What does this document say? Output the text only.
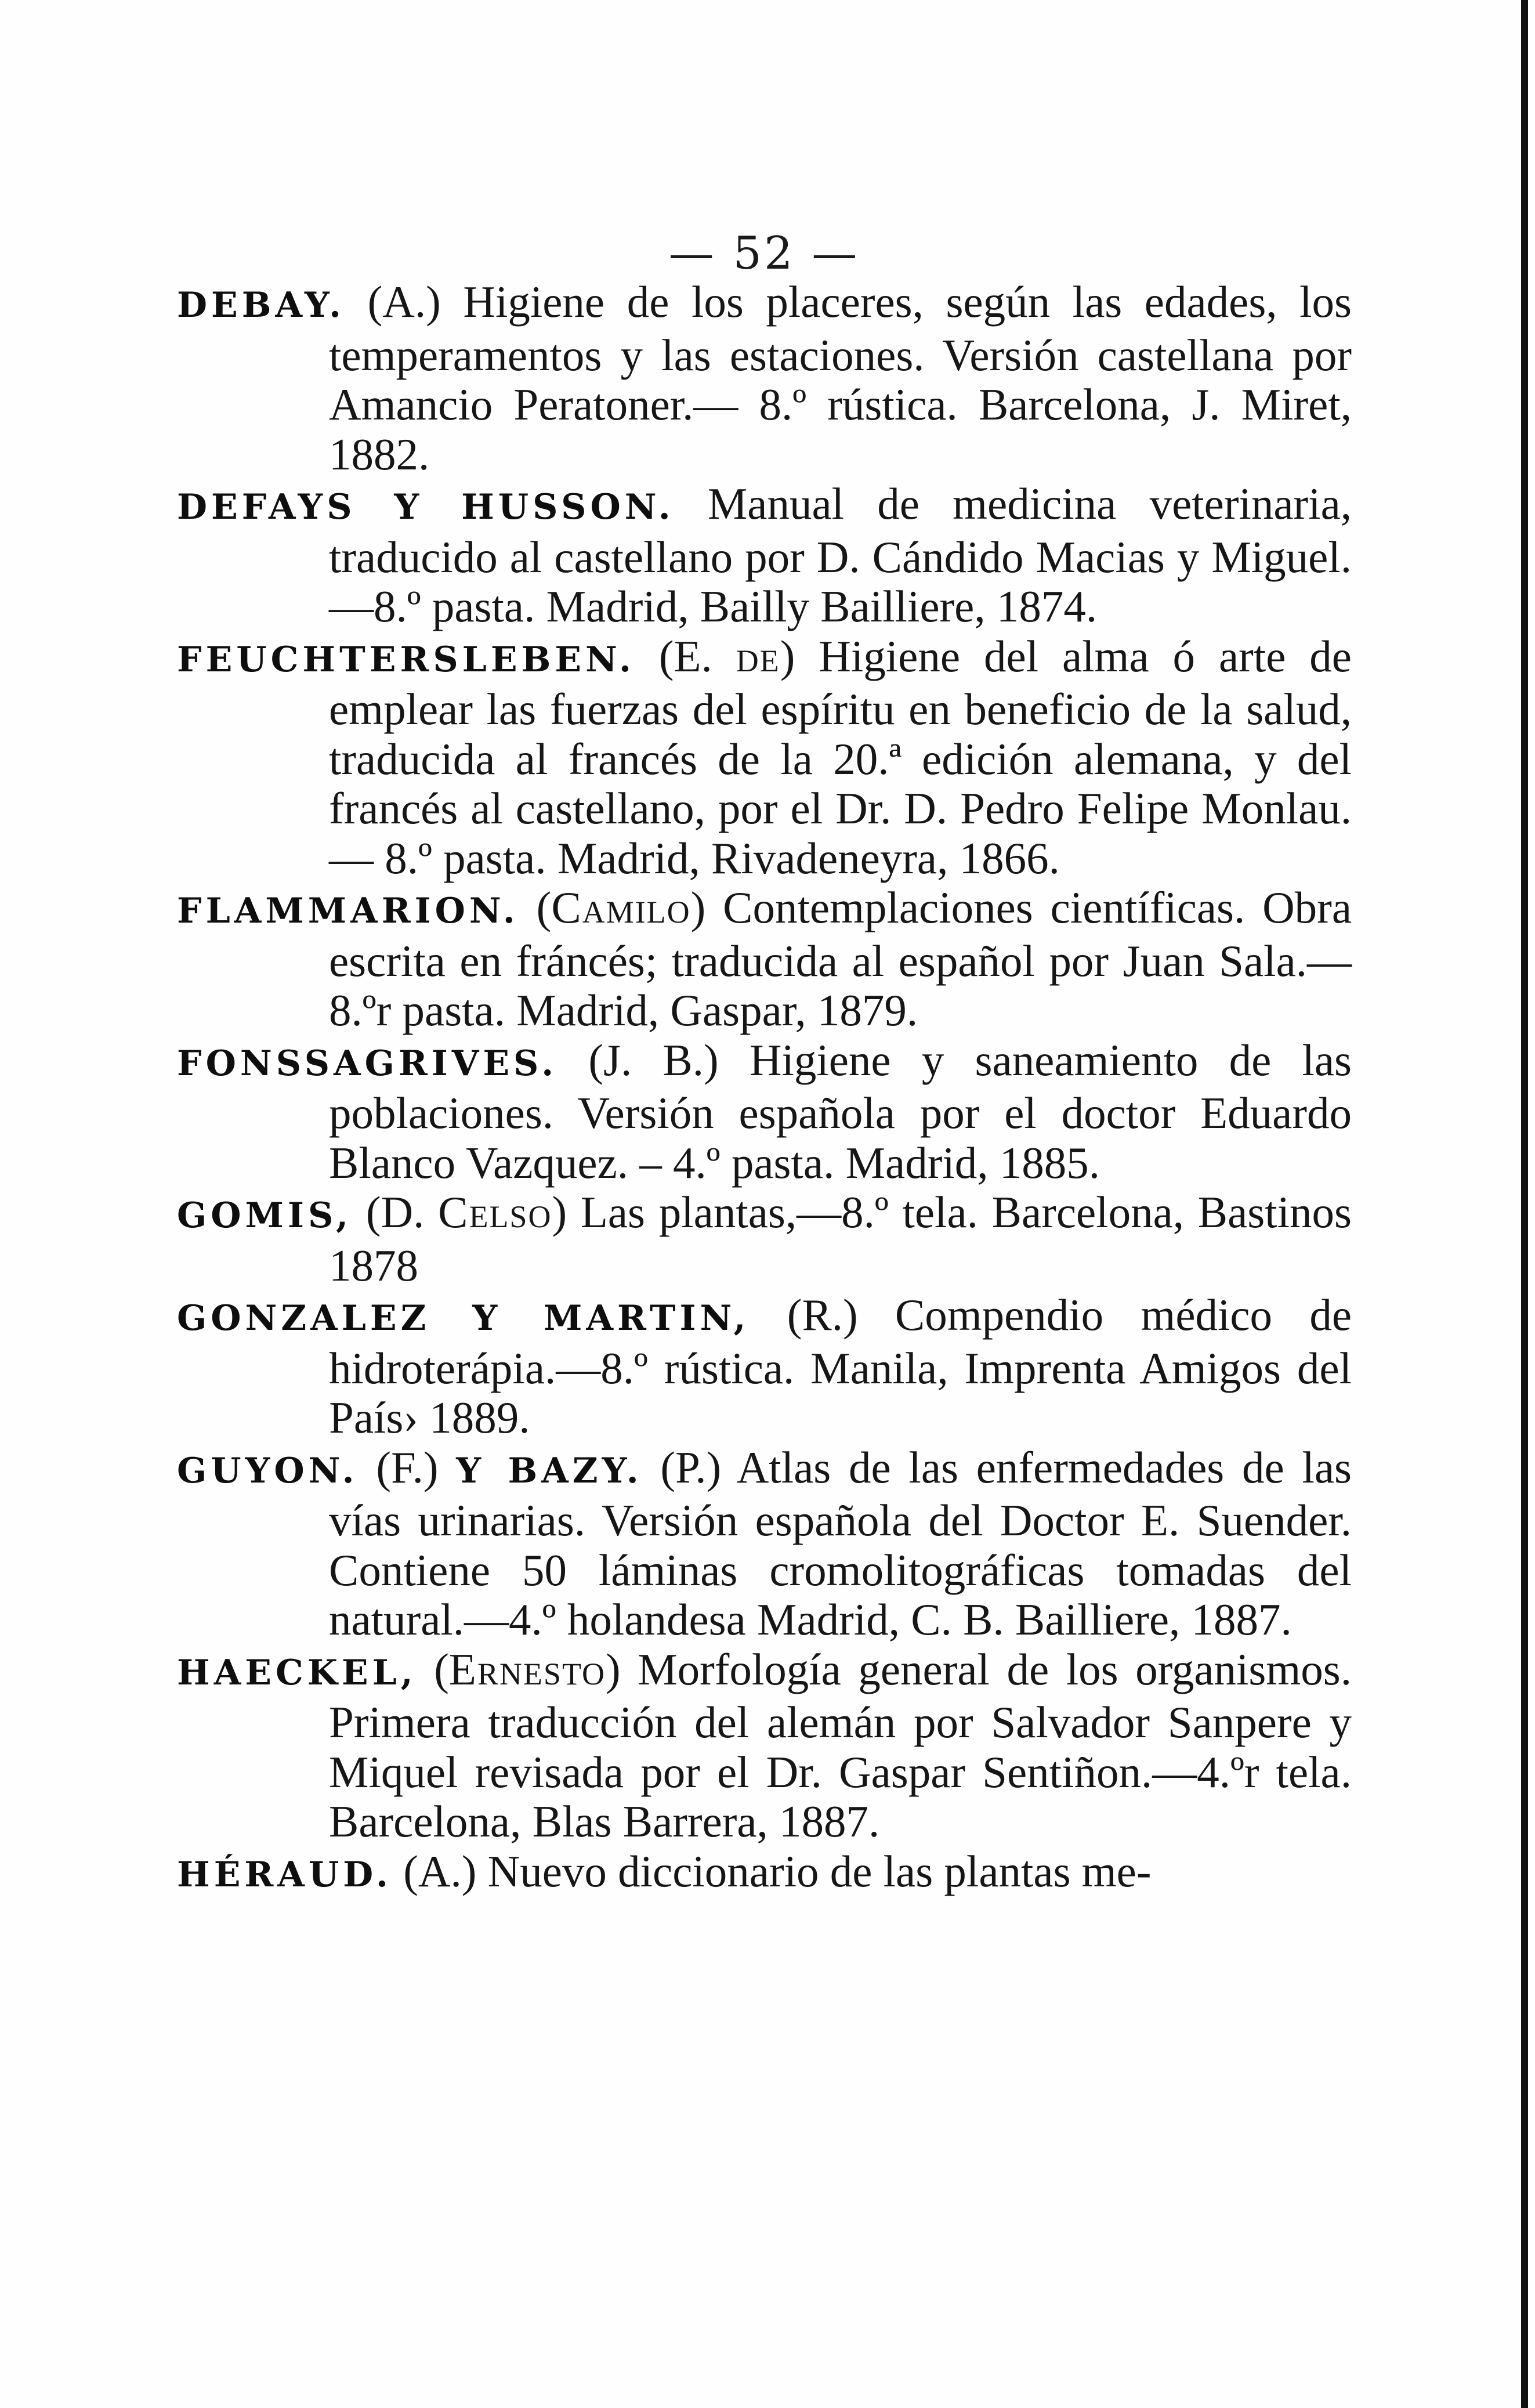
— 52 —

DEBAY. (A.) Higiene de los placeres, según las edades, los temperamentos y las estaciones. Versión castellana por Amancio Peratoner.— 8.º rústica. Barcelona, J. Miret, 1882.

DEFAYS Y HUSSON. Manual de medicina veterinaria, traducido al castellano por D. Cándido Macias y Miguel.—8.º pasta. Madrid, Bailly Bailliere, 1874.

FEUCHTERSLEBEN. (E. de) Higiene del alma ó arte de emplear las fuerzas del espíritu en beneficio de la salud, traducida al francés de la 20.ª edición alemana, y del francés al castellano, por el Dr. D. Pedro Felipe Monlau.— 8.º pasta. Madrid, Rivadeneyra, 1866.

FLAMMARION. (Camilo) Contemplaciones científicas. Obra escrita en fráncés; traducida al español por Juan Sala.—8.ºr pasta. Madrid, Gaspar, 1879.

FONSSAGRIVES. (J. B.) Higiene y saneamiento de las poblaciones. Versión española por el doctor Eduardo Blanco Vazquez. – 4.º pasta. Madrid, 1885.

GOMIS, (D. Celso) Las plantas,—8.º tela. Barcelona, Bastinos 1878

GONZALEZ Y MARTIN, (R.) Compendio médico de hidroterápia.—8.º rústica. Manila, Imprenta Amigos del País› 1889.

GUYON. (F.) Y BAZY. (P.) Atlas de las enfermedades de las vías urinarias. Versión española del Doctor E. Suender. Contiene 50 láminas cromolitográficas tomadas del natural.—4.º holandesa Madrid, C. B. Bailliere, 1887.

HAECKEL, (Ernesto) Morfología general de los organismos. Primera traducción del alemán por Salvador Sanpere y Miquel revisada por el Dr. Gaspar Sentiñon.—4.ºr tela. Barcelona, Blas Barrera, 1887.

HÉRAUD. (A.) Nuevo diccionario de las plantas me-
